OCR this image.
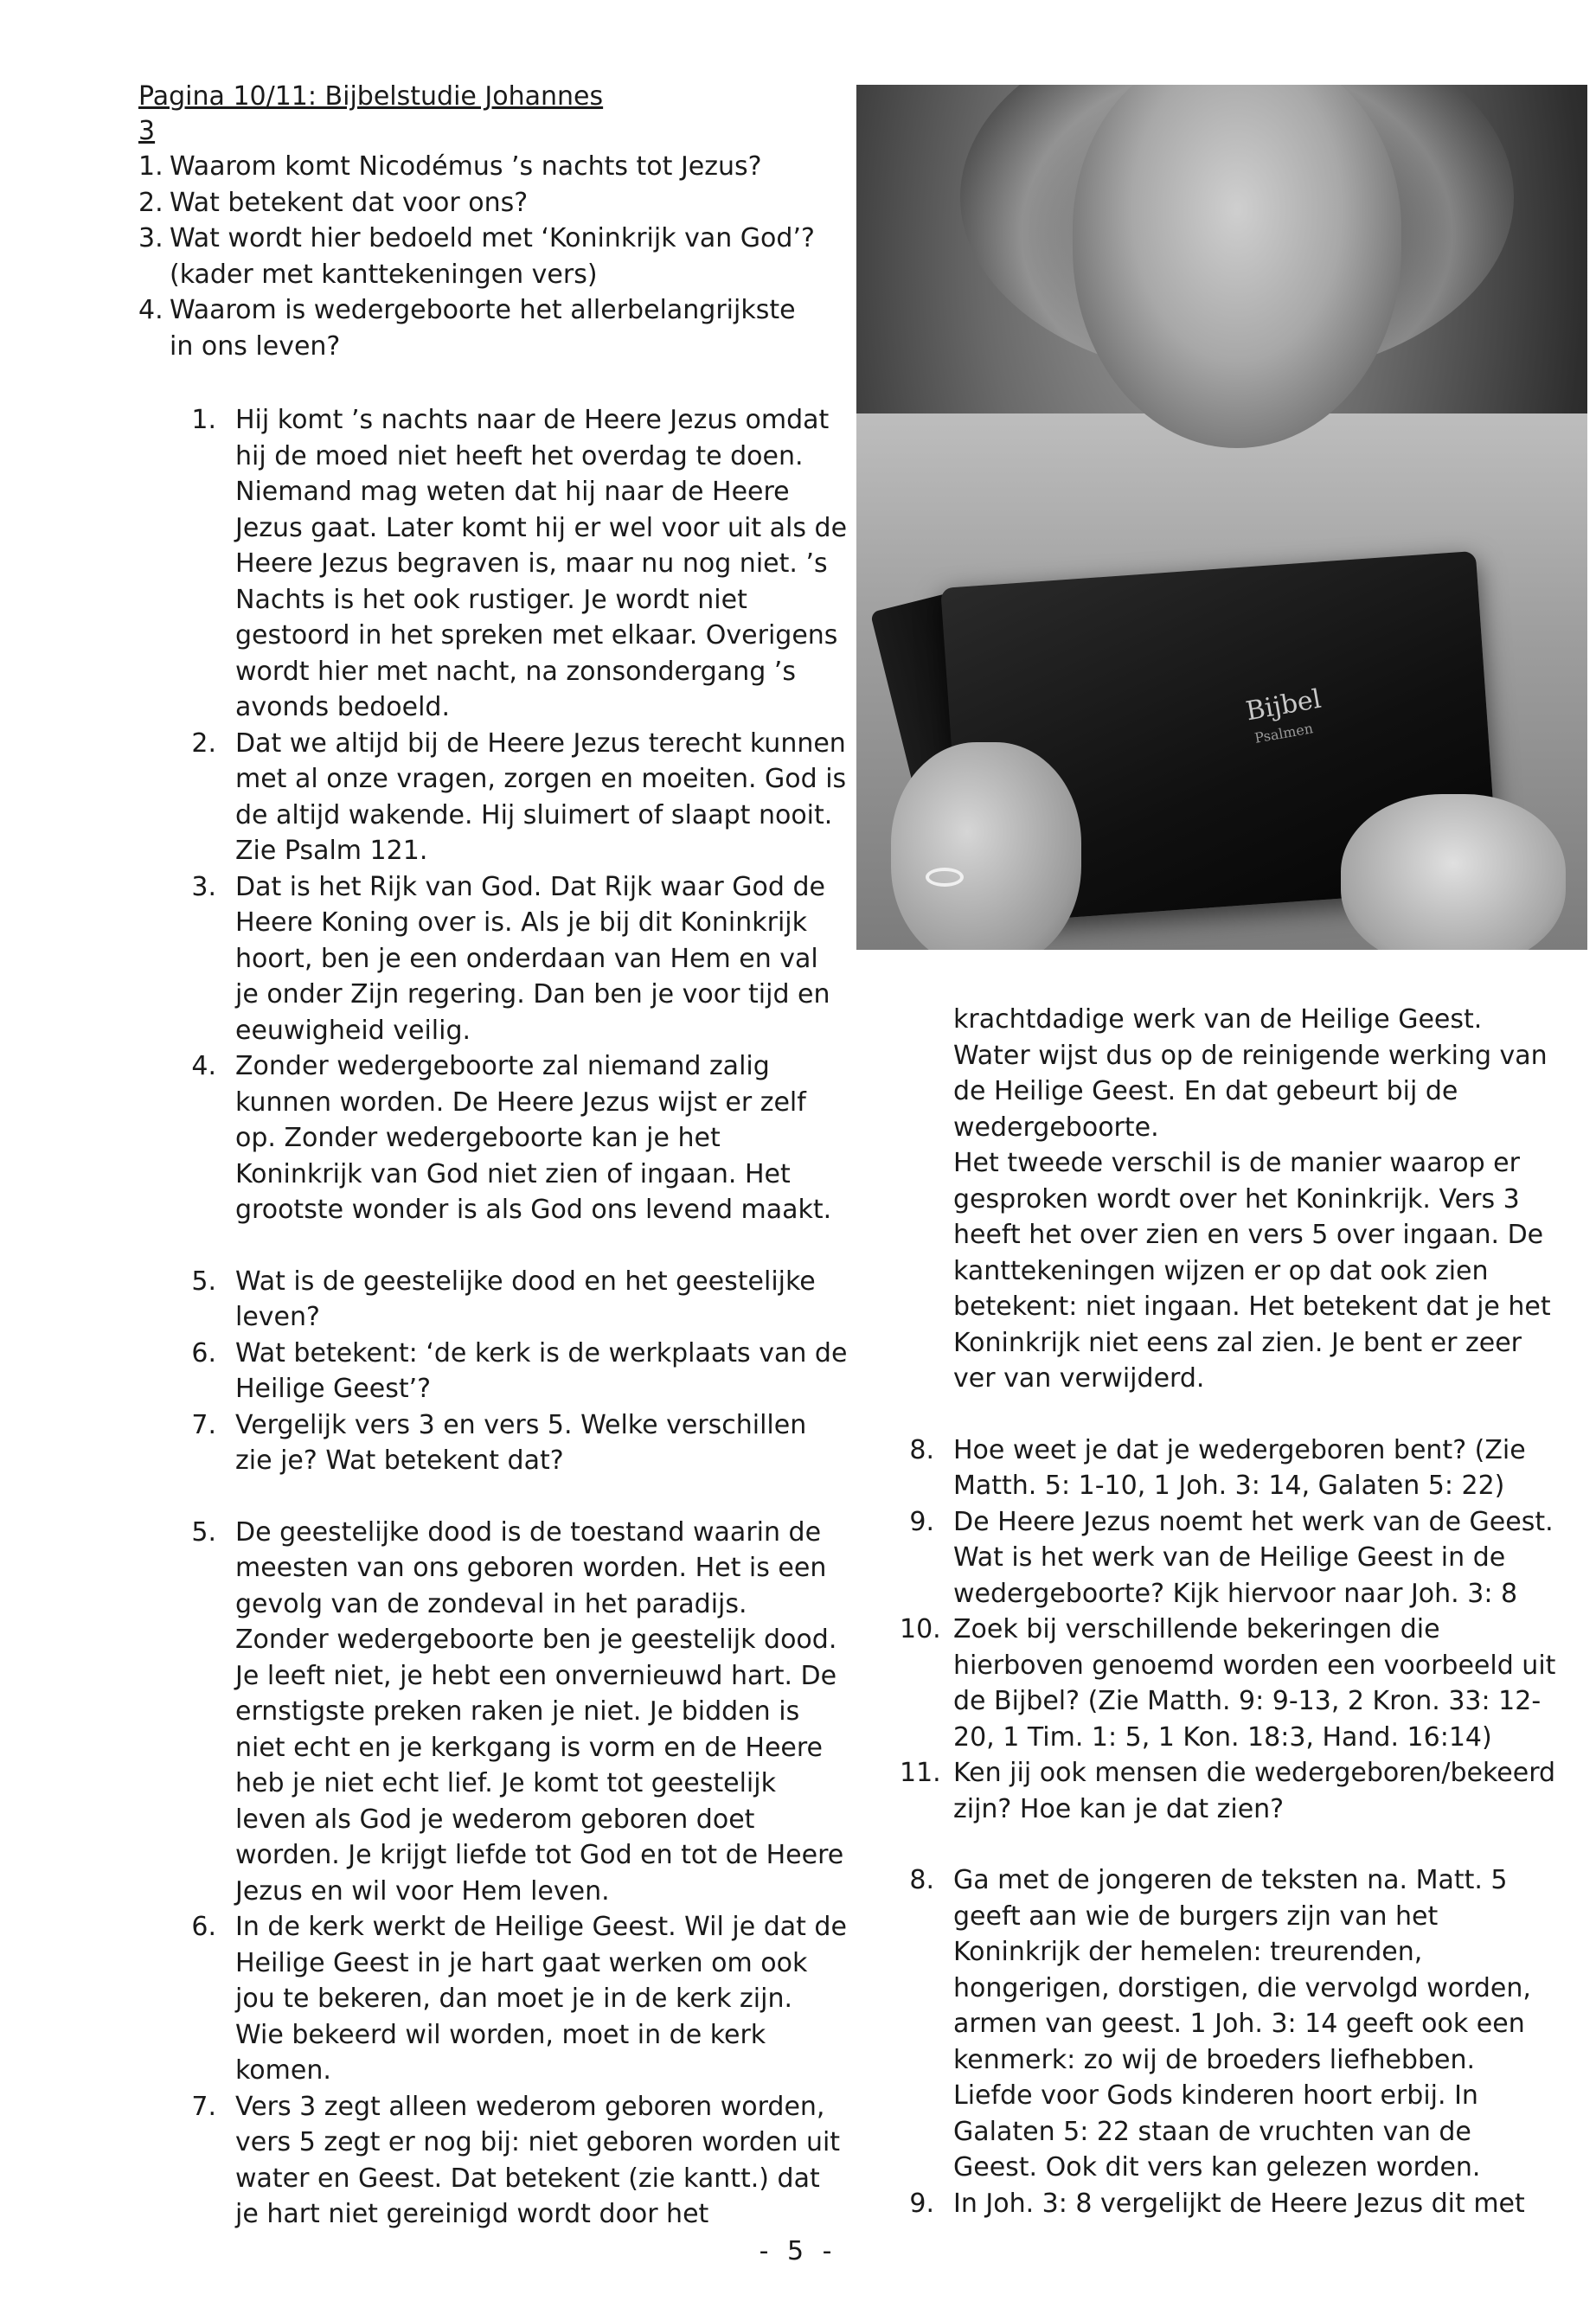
Pagina 10/11: Bijbelstudie Johannes 3
1. Waarom komt Nicodémus ’s nachts tot Jezus?
2. Wat betekent dat voor ons?
3. Wat wordt hier bedoeld met ‘Koninkrijk van God’? (kader met kanttekeningen vers)
4. Waarom is wedergeboorte het allerbelangrijkste in ons leven?
1. Hij komt ’s nachts naar de Heere Jezus omdat hij de moed niet heeft het overdag te doen. Niemand mag weten dat hij naar de Heere Jezus gaat. Later komt hij er wel voor uit als de Heere Jezus begraven is, maar nu nog niet. ’s Nachts is het ook rustiger. Je wordt niet gestoord in het spreken met elkaar. Overigens wordt hier met nacht, na zonsondergang ’s avonds bedoeld.
2. Dat we altijd bij de Heere Jezus terecht kunnen met al onze vragen, zorgen en moeiten. God is de altijd wakende. Hij sluimert of slaapt nooit. Zie Psalm 121.
3. Dat is het Rijk van God. Dat Rijk waar God de Heere Koning over is. Als je bij dit Koninkrijk hoort, ben je een onderdaan van Hem en val je onder Zijn regering. Dan ben je voor tijd en eeuwigheid veilig.
4. Zonder wedergeboorte zal niemand zalig kunnen worden. De Heere Jezus wijst er zelf op. Zonder wedergeboorte kan je het Koninkrijk van God niet zien of ingaan. Het grootste wonder is als God ons levend maakt.
5. Wat is de geestelijke dood en het geestelijke leven?
6. Wat betekent: ‘de kerk is de werkplaats van de Heilige Geest’?
7. Vergelijk vers 3 en vers 5. Welke verschillen zie je? Wat betekent dat?
5. De geestelijke dood is de toestand waarin de meesten van ons geboren worden. Het is een gevolg van de zondeval in het paradijs. Zonder wedergeboorte ben je geestelijk dood. Je leeft niet, je hebt een onvernieuwd hart. De ernstigste preken raken je niet. Je bidden is niet echt en je kerkgang is vorm en de Heere heb je niet echt lief. Je komt tot geestelijk leven als God je wederom geboren doet worden. Je krijgt liefde tot God en tot de Heere Jezus en wil voor Hem leven.
6. In de kerk werkt de Heilige Geest. Wil je dat de Heilige Geest in je hart gaat werken om ook jou te bekeren, dan moet je in de kerk zijn. Wie bekeerd wil worden, moet in de kerk komen.
7. Vers 3 zegt alleen wederom geboren worden, vers 5 zegt er nog bij: niet geboren worden uit water en Geest. Dat betekent (zie kantt.) dat je hart niet gereinigd wordt door het
Bijbel
Psalmen
krachtdadige werk van de Heilige Geest. Water wijst dus op de reinigende werking van de Heilige Geest. En dat gebeurt bij de wedergeboorte.
Het tweede verschil is de manier waarop er gesproken wordt over het Koninkrijk. Vers 3 heeft het over zien en vers 5 over ingaan. De kanttekeningen wijzen er op dat ook zien betekent: niet ingaan. Het betekent dat je het Koninkrijk niet eens zal zien. Je bent er zeer ver van verwijderd.
8. Hoe weet je dat je wedergeboren bent? (Zie Matth. 5: 1-10, 1 Joh. 3: 14, Galaten 5: 22)
9. De Heere Jezus noemt het werk van de Geest. Wat is het werk van de Heilige Geest in de wedergeboorte? Kijk hiervoor naar Joh. 3: 8
10. Zoek bij verschillende bekeringen die hierboven genoemd worden een voorbeeld uit de Bijbel? (Zie Matth. 9: 9-13, 2 Kron. 33: 12-20, 1 Tim. 1: 5, 1 Kon. 18:3, Hand. 16:14)
11. Ken jij ook mensen die wedergeboren/bekeerd zijn? Hoe kan je dat zien?
8. Ga met de jongeren de teksten na. Matt. 5 geeft aan wie de burgers zijn van het Koninkrijk der hemelen: treurenden, hongerigen, dorstigen, die vervolgd worden, armen van geest. 1 Joh. 3: 14 geeft ook een kenmerk: zo wij de broeders liefhebben. Liefde voor Gods kinderen hoort erbij. In Galaten 5: 22 staan de vruchten van de Geest. Ook dit vers kan gelezen worden.
9. In Joh. 3: 8 vergelijkt de Heere Jezus dit met
- 5 -
